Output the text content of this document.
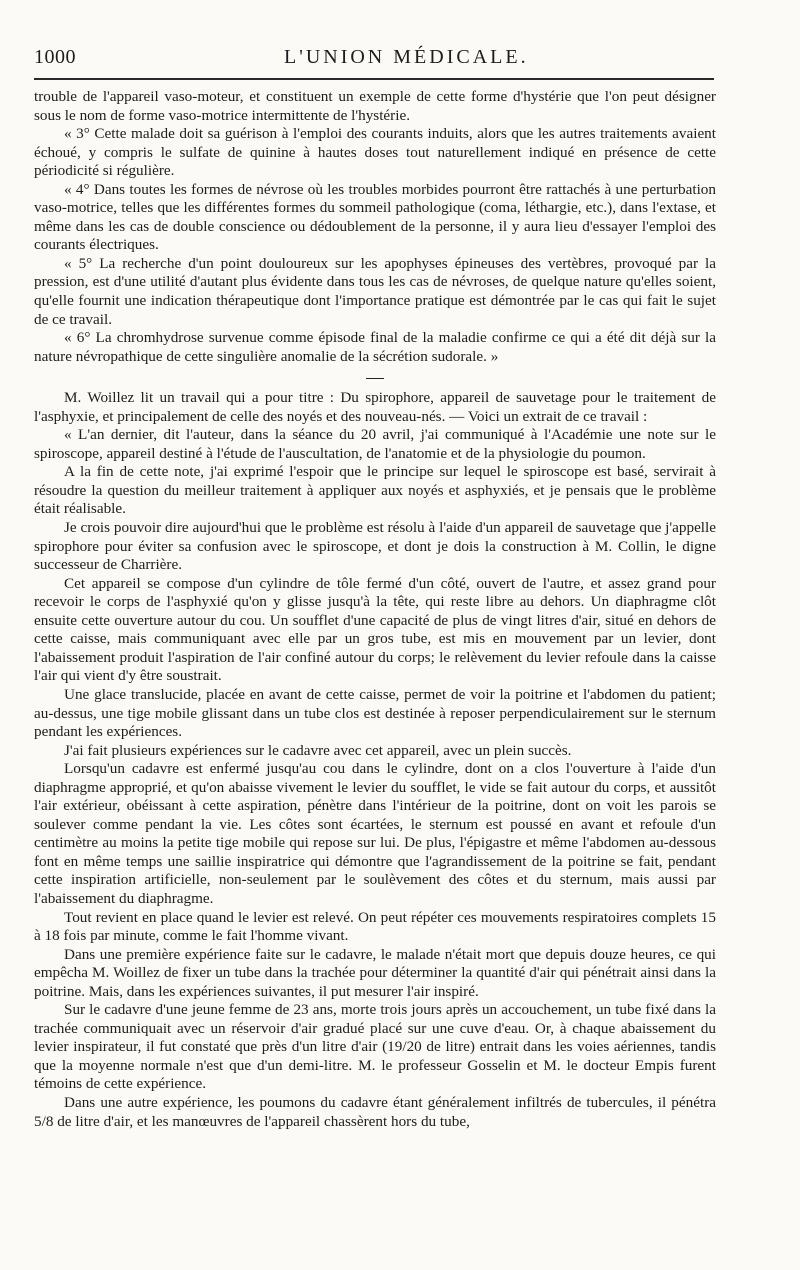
1000	L'UNION MÉDICALE.

trouble de l'appareil vaso-moteur, et constituent un exemple de cette forme d'hystérie que l'on peut désigner sous le nom de forme vaso-motrice intermittente de l'hystérie.

« 3° Cette malade doit sa guérison à l'emploi des courants induits, alors que les autres traitements avaient échoué, y compris le sulfate de quinine à hautes doses tout naturellement indiqué en présence de cette périodicité si régulière.

« 4° Dans toutes les formes de névrose où les troubles morbides pourront être rattachés à une perturbation vaso-motrice, telles que les différentes formes du sommeil pathologique (coma, léthargie, etc.), dans l'extase, et même dans les cas de double conscience ou dédoublement de la personne, il y aura lieu d'essayer l'emploi des courants électriques.

« 5° La recherche d'un point douloureux sur les apophyses épineuses des vertèbres, provoqué par la pression, est d'une utilité d'autant plus évidente dans tous les cas de névroses, de quelque nature qu'elles soient, qu'elle fournit une indication thérapeutique dont l'importance pratique est démontrée par le cas qui fait le sujet de ce travail.

« 6° La chromhydrose survenue comme épisode final de la maladie confirme ce qui a été dit déjà sur la nature névropathique de cette singulière anomalie de la sécrétion sudorale. »

M. Woillez lit un travail qui a pour titre : Du spirophore, appareil de sauvetage pour le traitement de l'asphyxie, et principalement de celle des noyés et des nouveau-nés. — Voici un extrait de ce travail :

« L'an dernier, dit l'auteur, dans la séance du 20 avril, j'ai communiqué à l'Académie une note sur le spiroscope, appareil destiné à l'étude de l'auscultation, de l'anatomie et de la physiologie du poumon.

A la fin de cette note, j'ai exprimé l'espoir que le principe sur lequel le spiroscope est basé, servirait à résoudre la question du meilleur traitement à appliquer aux noyés et asphyxiés, et je pensais que le problème était réalisable.

Je crois pouvoir dire aujourd'hui que le problème est résolu à l'aide d'un appareil de sauvetage que j'appelle spirophore pour éviter sa confusion avec le spiroscope, et dont je dois la construction à M. Collin, le digne successeur de Charrière.

Cet appareil se compose d'un cylindre de tôle fermé d'un côté, ouvert de l'autre, et assez grand pour recevoir le corps de l'asphyxié qu'on y glisse jusqu'à la tête, qui reste libre au dehors. Un diaphragme clôt ensuite cette ouverture autour du cou. Un soufflet d'une capacité de plus de vingt litres d'air, situé en dehors de cette caisse, mais communiquant avec elle par un gros tube, est mis en mouvement par un levier, dont l'abaissement produit l'aspiration de l'air confiné autour du corps; le relèvement du levier refoule dans la caisse l'air qui vient d'y être soustrait.

Une glace translucide, placée en avant de cette caisse, permet de voir la poitrine et l'abdomen du patient; au-dessus, une tige mobile glissant dans un tube clos est destinée à reposer perpendiculairement sur le sternum pendant les expériences.

J'ai fait plusieurs expériences sur le cadavre avec cet appareil, avec un plein succès.

Lorsqu'un cadavre est enfermé jusqu'au cou dans le cylindre, dont on a clos l'ouverture à l'aide d'un diaphragme approprié, et qu'on abaisse vivement le levier du soufflet, le vide se fait autour du corps, et aussitôt l'air extérieur, obéissant à cette aspiration, pénètre dans l'intérieur de la poitrine, dont on voit les parois se soulever comme pendant la vie. Les côtes sont écartées, le sternum est poussé en avant et refoule d'un centimètre au moins la petite tige mobile qui repose sur lui. De plus, l'épigastre et même l'abdomen au-dessous font en même temps une saillie inspiratrice qui démontre que l'agrandissement de la poitrine se fait, pendant cette inspiration artificielle, non-seulement par le soulèvement des côtes et du sternum, mais aussi par l'abaissement du diaphragme.

Tout revient en place quand le levier est relevé. On peut répéter ces mouvements respiratoires complets 15 à 18 fois par minute, comme le fait l'homme vivant.

Dans une première expérience faite sur le cadavre, le malade n'était mort que depuis douze heures, ce qui empêcha M. Woillez de fixer un tube dans la trachée pour déterminer la quantité d'air qui pénétrait ainsi dans la poitrine. Mais, dans les expériences suivantes, il put mesurer l'air inspiré.

Sur le cadavre d'une jeune femme de 23 ans, morte trois jours après un accouchement, un tube fixé dans la trachée communiquait avec un réservoir d'air gradué placé sur une cuve d'eau. Or, à chaque abaissement du levier inspirateur, il fut constaté que près d'un litre d'air (19/20 de litre) entrait dans les voies aériennes, tandis que la moyenne normale n'est que d'un demi-litre. M. le professeur Gosselin et M. le docteur Empis furent témoins de cette expérience.

Dans une autre expérience, les poumons du cadavre étant généralement infiltrés de tubercules, il pénétra 5/8 de litre d'air, et les manœuvres de l'appareil chassèrent hors du tube,
